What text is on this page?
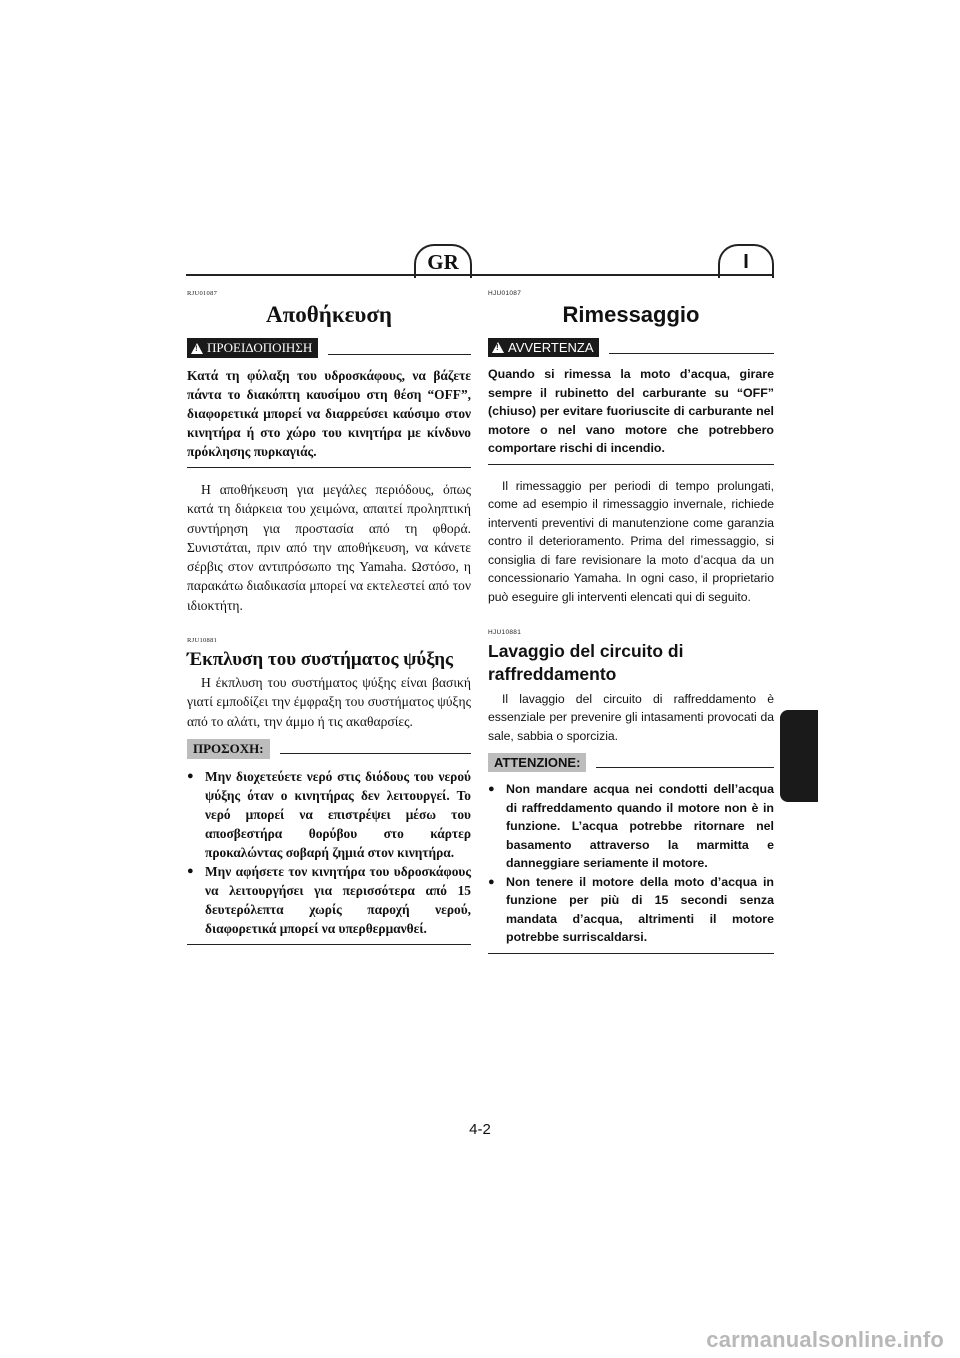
GR	I

RJU01087

Αποθήκευση
!
ΠΡΟΕΙΔΟΠΟΙΗΣΗ

Κατά τη φύλαξη του υδροσκάφους, να βάζετε πάντα το διακόπτη καυσίμου στη θέση “OFF”, διαφορετικά μπορεί να διαρρεύσει καύσιμο στον κινητήρα ή στο χώρο του κινητήρα με κίνδυνο πρόκλησης πυρκαγιάς.

Η αποθήκευση για μεγάλες περιόδους, όπως κατά τη διάρκεια του χειμώνα, απαιτεί προληπτική συντήρηση για προστασία από τη φθορά. Συνιστάται, πριν από την αποθήκευση, να κάνετε σέρβις στον αντιπρόσωπο της Yamaha. Ωστόσο, η παρακάτω διαδικασία μπορεί να εκτελεστεί από τον ιδιοκτήτη.

RJU10881

Έκπλυση του συστήματος ψύξης

Η έκπλυση του συστήματος ψύξης είναι βασική γιατί εμποδίζει την έμφραξη του συστήματος ψύξης από το αλάτι, την άμμο ή τις ακαθαρσίες.

ΠΡΟΣΟΧΗ:
● Μην διοχετεύετε νερό στις διόδους του νερού ψύξης όταν ο κινητήρας δεν λειτουργεί. Το νερό μπορεί να επιστρέψει μέσω του αποσβεστήρα θορύβου στο κάρτερ προκαλώντας σοβαρή ζημιά στον κινητήρα.
● Μην αφήσετε τον κινητήρα του υδροσκάφους να λειτουργήσει για περισσότερα από 15 δευτερόλεπτα χωρίς παροχή νερού, διαφορετικά μπορεί να υπερθερμανθεί.

HJU01087

Rimessaggio
!
AVVERTENZA

Quando si rimessa la moto d’acqua, girare sempre il rubinetto del carburante su “OFF” (chiuso) per evitare fuoriuscite di carburante nel motore o nel vano motore che potrebbero comportare rischi di incendio.

Il rimessaggio per periodi di tempo prolungati, come ad esempio il rimessaggio invernale, richiede interventi preventivi di manutenzione come garanzia contro il deterioramento. Prima del rimessaggio, si consiglia di fare revisionare la moto d’acqua da un concessionario Yamaha. In ogni caso, il proprietario può eseguire gli interventi elencati qui di seguito.

HJU10881

Lavaggio del circuito di raffreddamento

Il lavaggio del circuito di raffreddamento è essenziale per prevenire gli intasamenti provocati da sale, sabbia o sporcizia.

ATTENZIONE:
● Non mandare acqua nei condotti dell’acqua di raffreddamento quando il motore non è in funzione. L’acqua potrebbe ritornare nel basamento attraverso la marmitta e danneggiare seriamente il motore.
● Non tenere il motore della moto d’acqua in funzione per più di 15 secondi senza mandata d’acqua, altrimenti il motore potrebbe surriscaldarsi.
4-2
carmanualsonline.info
